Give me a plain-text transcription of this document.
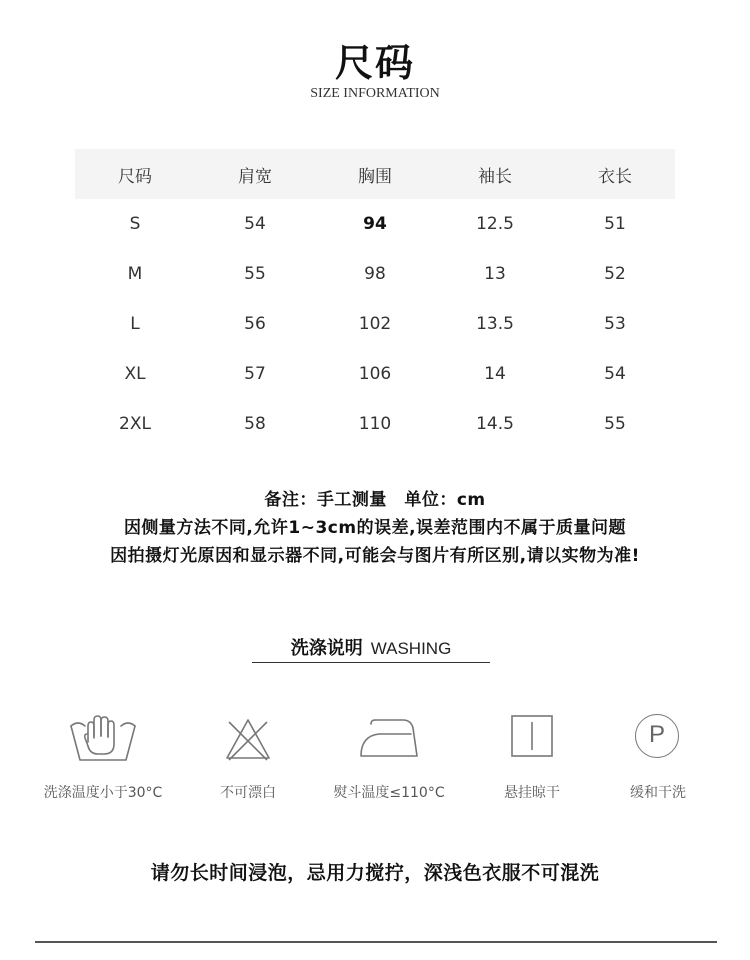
尺码
SIZE INFORMATION
尺码	肩宽	胸围	袖长	衣长
S	54	94	12.5	51
M	55	98	13	52
L	56	102	13.5	53
XL	57	106	14	54
2XL	58	110	14.5	55
备注：手工测量　单位：cm
因侧量方法不同,允许1~3cm的误差,误差范围内不属于质量问题
因拍摄灯光原因和显示器不同,可能会与图片有所区别,请以实物为准!
洗涤说明 WASHING
洗涤温度小于30°C	不可漂白	熨斗温度≤110°C	悬挂晾干
P
缓和干洗
请勿长时间浸泡，忌用力搅拧，深浅色衣服不可混洗
